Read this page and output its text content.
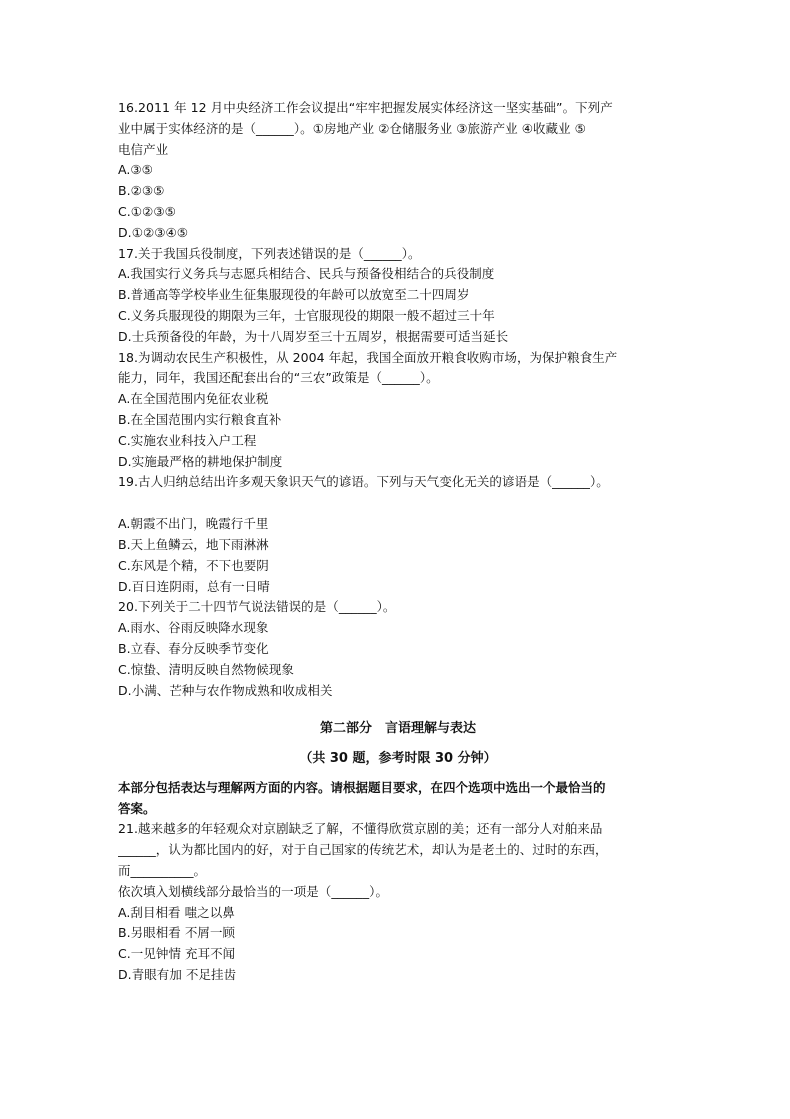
16.2011 年 12 月中央经济工作会议提出“牢牢把握发展实体经济这一坚实基础”。下列产
业中属于实体经济的是（______）。①房地产业 ②仓储服务业 ③旅游产业 ④收藏业 ⑤
电信产业
A.③⑤
B.②③⑤
C.①②③⑤
D.①②③④⑤
17.关于我国兵役制度，下列表述错误的是（______）。
A.我国实行义务兵与志愿兵相结合、民兵与预备役相结合的兵役制度
B.普通高等学校毕业生征集服现役的年龄可以放宽至二十四周岁
C.义务兵服现役的期限为三年，士官服现役的期限一般不超过三十年
D.士兵预备役的年龄，为十八周岁至三十五周岁，根据需要可适当延长
18.为调动农民生产积极性，从 2004 年起，我国全面放开粮食收购市场，为保护粮食生产
能力，同年，我国还配套出台的“三农”政策是（______）。
A.在全国范围内免征农业税
B.在全国范围内实行粮食直补
C.实施农业科技入户工程
D.实施最严格的耕地保护制度
19.古人归纳总结出许多观天象识天气的谚语。下列与天气变化无关的谚语是（______）。
A.朝霞不出门，晚霞行千里
B.天上鱼鳞云，地下雨淋淋
C.东风是个精，不下也要阴
D.百日连阴雨，总有一日晴
20.下列关于二十四节气说法错误的是（______）。
A.雨水、谷雨反映降水现象
B.立春、春分反映季节变化
C.惊蛰、清明反映自然物候现象
D.小满、芒种与农作物成熟和收成相关
第二部分　言语理解与表达
（共 30 题，参考时限 30 分钟）
本部分包括表达与理解两方面的内容。请根据题目要求，在四个选项中选出一个最恰当的
答案。
21.越来越多的年轻观众对京剧缺乏了解，不懂得欣赏京剧的美；还有一部分人对舶来品
______，认为都比国内的好，对于自己国家的传统艺术，却认为是老土的、过时的东西，
而__________。
依次填入划横线部分最恰当的一项是（______）。
A.刮目相看 嗤之以鼻
B.另眼相看 不屑一顾
C.一见钟情 充耳不闻
D.青眼有加 不足挂齿
